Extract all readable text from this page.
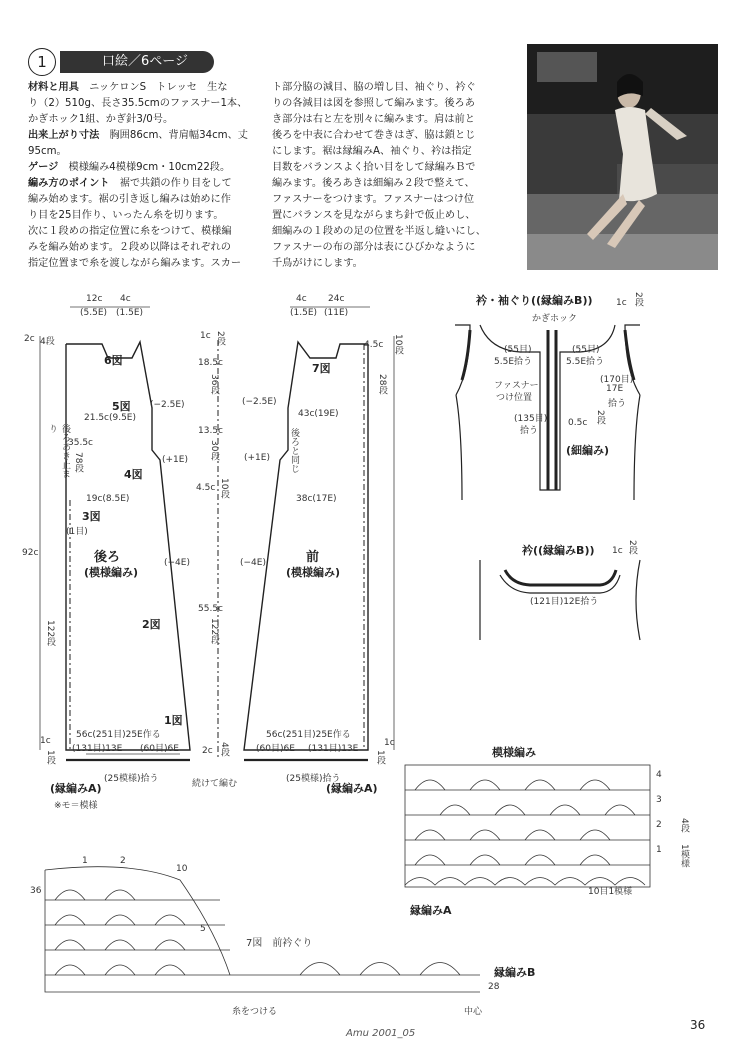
1	口絵／6ページ

材料と用具　 ニッケロンS　トレッセ　生な

り（2）510g、長さ35.5cmのファスナー1本、

かぎホック1組、かぎ針3/0号。

出来上がり寸法　 胸囲86cm、背肩幅34cm、丈

95cm。

ゲージ　 模様編み4模様9cm・10cm22段。

編み方のポイント　 裾で共鎖の作り目をして

編み始めます。裾の引き返し編みは始めに作

り目を25目作り、いったん糸を切ります。

次に１段めの指定位置に糸をつけて、模様編

みを編み始めます。２段め以降はそれぞれの

指定位置まで糸を渡しながら編みます。スカー

ト部分脇の減目、脇の増し目、袖ぐり、衿ぐ

りの各減目は図を参照して編みます。後ろあ

き部分は右と左を別々に編みます。肩は前と

後ろを中表に合わせて巻きはぎ、脇は鎖とじ

にします。裾は縁編みA、袖ぐり、衿は指定

目数をバランスよく拾い目をして縁編みＢで

編みます。後ろあきは細編み２段で整えて、

ファスナーをつけます。ファスナーはつけ位

置にバランスを見ながらまち針で仮止めし、

細編みの１段めの足の位置を半返し縫いにし、

ファスナーの布の部分は表にひびかなように

千鳥がけにします。

12c
(5.5E)
4c
(1.5E)
2c 4段
6図
5図
21.5c(9.5E)
(−2.5E)
(+1E)
4図
後ろあき止まり
35.5c
78段
19c(8.5E)
3図
(1目)
92c	後ろ
(模様編み)
(−4E)
122段	2図
1図
56c(251目)25E作る
(131目)13E (60目)6E
1c
1段
(25模様)拾う
(縁編みA)
※モ＝模様
1c 2段
18.5c
36段
13.5c
30段
4.5c 10段
55.5c
122段
2c 4段
続けて編む
4c
(1.5E)
24c
(11E)
4.5c 10段
28段
7図
(−2.5E)
43c(19E)
(+1E) 後ろと同じ
38c(17E)
(−4E)	前
(模様編み)
56c(251目)25E作る
(60目)6E (131目)13E
1c
1段
(25模様)拾う
(縁編みA)
衿・袖ぐり((縁編みB))
かぎホック
1c 2段
(55目)
5.5E拾う
(55目)
5.5E拾う
(170目)
17E
拾う
ファスナー
つけ位置
(135目)
拾う
0.5c 2段
(細編み)
衿((縁編みB)) 1c 2段
(121目)12E拾う
模様編み
4
3
2
1
4段
1模様
10目1模様
縁編みA
7図　前衿ぐり
縁編みB
糸をつける	中心
1	2
10
5
36
28
Amu 2001_05
36
